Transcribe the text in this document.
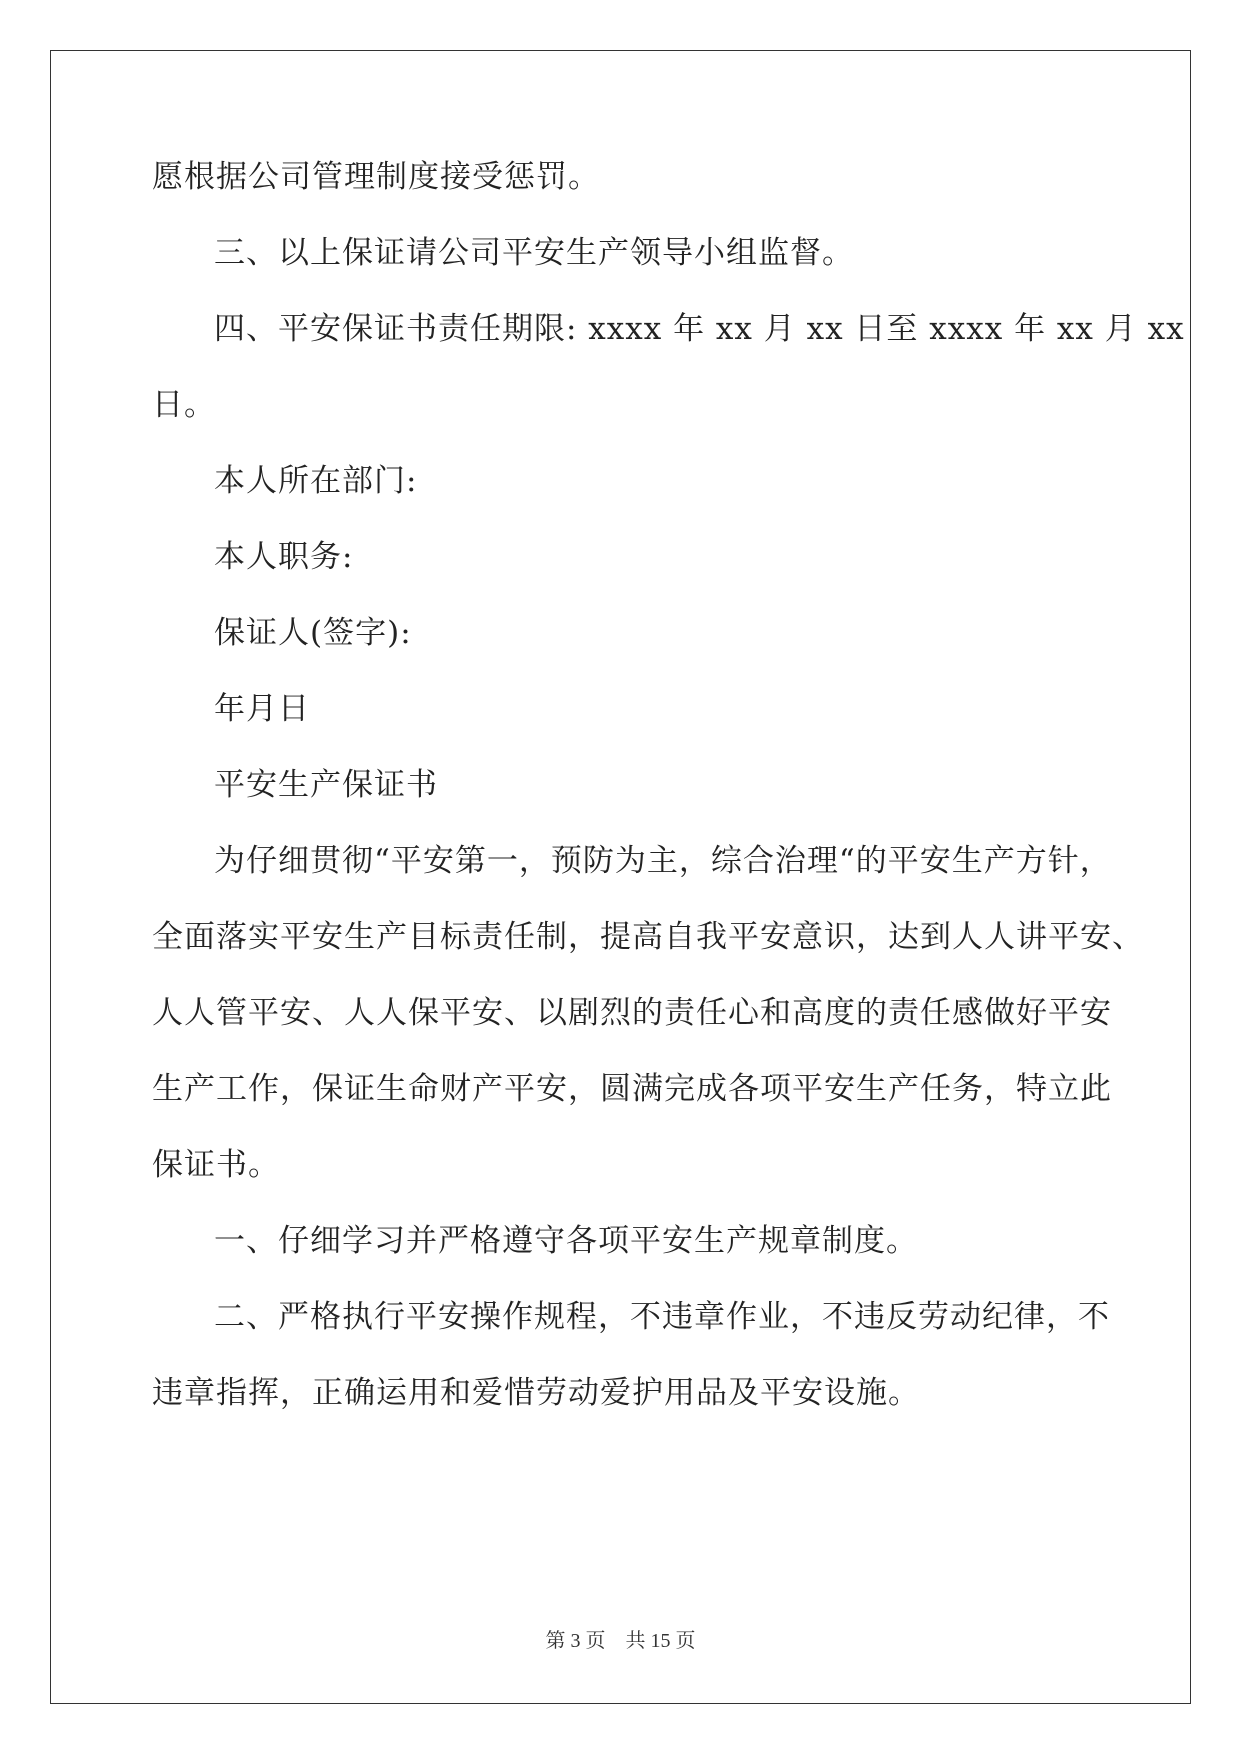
愿根据公司管理制度接受惩罚。

三、以上保证请公司平安生产领导小组监督。

四、平安保证书责任期限: xxxx 年 xx 月 xx 日至 xxxx 年 xx 月 xx

日。

本人所在部门:

本人职务:

保证人(签字):

年月日

平安生产保证书

为仔细贯彻“平安第一，预防为主，综合治理“的平安生产方针，

全面落实平安生产目标责任制，提高自我平安意识，达到人人讲平安、

人人管平安、人人保平安、以剧烈的责任心和高度的责任感做好平安

生产工作，保证生命财产平安，圆满完成各项平安生产任务，特立此

保证书。

一、仔细学习并严格遵守各项平安生产规章制度。

二、严格执行平安操作规程，不违章作业，不违反劳动纪律，不

违章指挥，正确运用和爱惜劳动爱护用品及平安设施。

第 3 页　共 15 页
